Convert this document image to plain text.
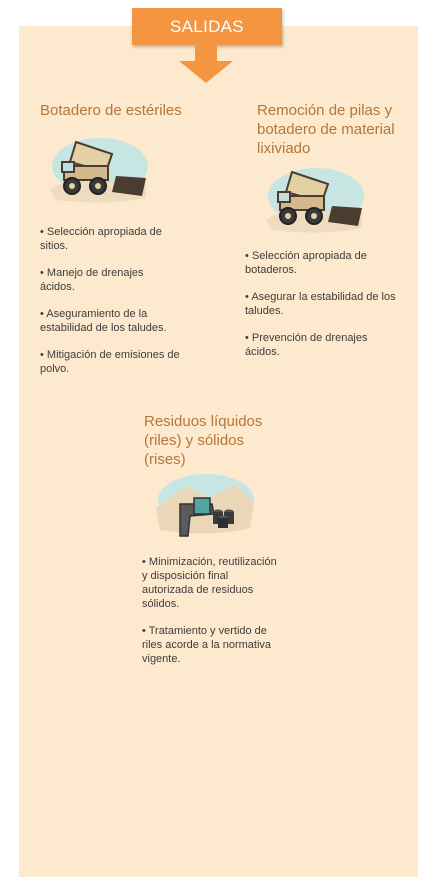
SALIDAS
Botadero de estériles
• Selección apropiada de sitios.
• Manejo de drenajes ácidos.
• Aseguramiento de la estabilidad de los taludes.
• Mitigación de emisiones de polvo.
Remoción de pilas y botadero de material lixiviado
• Selección apropiada de botaderos.
• Asegurar la estabilidad de los taludes.
• Prevención de drenajes ácidos.
Residuos líquidos (riles) y sólidos (rises)
• Minimización, reutilización y disposición final autorizada de residuos sólidos.
• Tratamiento y vertido de riles acorde a la normativa vigente.
